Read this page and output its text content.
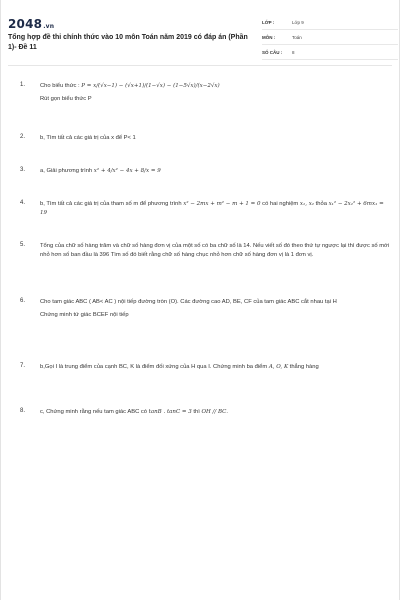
2048.vn
Tổng hợp đề thi chính thức vào 10 môn Toán năm 2019 có đáp án (Phần 1)- Đề 11
LỚP :	Lớp 9
MÔN :	Toán
SỐ CÂU :	8
1.	Cho biểu thức : P = x/(√x−1) − (√x+1)/(1−√x) − (1−5√x)/(x−2√x)
Rút gọn biểu thức P
2.	b, Tìm tất cả các giá trị của x để P< 1
3.	a, Giải phương trình x² + 4/x² − 4x + 8/x = 9
4.	b, Tìm tất cả các giá trị của tham số m để phương trình x² − 2mx + m² − m + 1 = 0 có hai nghiệm x₁, x₂ thỏa x₁² − 2x₂² + 6mx₁ = 19
5.	Tổng của chữ số hàng trăm và chữ số hàng đơn vị của một số có ba chữ số là 14. Nếu viết số đó theo thứ tự ngược lại thì được số mới nhỏ hơn số ban đầu là 396 Tìm số đó biết rằng chữ số hàng chục nhỏ hơn chữ số hàng đơn vị là 1 đơn vị.
6.	Cho tam giác ABC ( AB< AC ) nội tiếp đường tròn (O). Các đường cao AD, BE, CF của tam giác ABC cắt nhau tại H
Chứng minh tứ giác BCEF nội tiếp
7.	b,Gọi I là trung điểm của cạnh BC, K là điểm đối xứng của H qua I. Chứng minh ba điểm A, O, K thẳng hàng
8.	c, Chứng minh rằng nếu tam giác ABC có tanB . tanC = 3 thì OH // BC.
